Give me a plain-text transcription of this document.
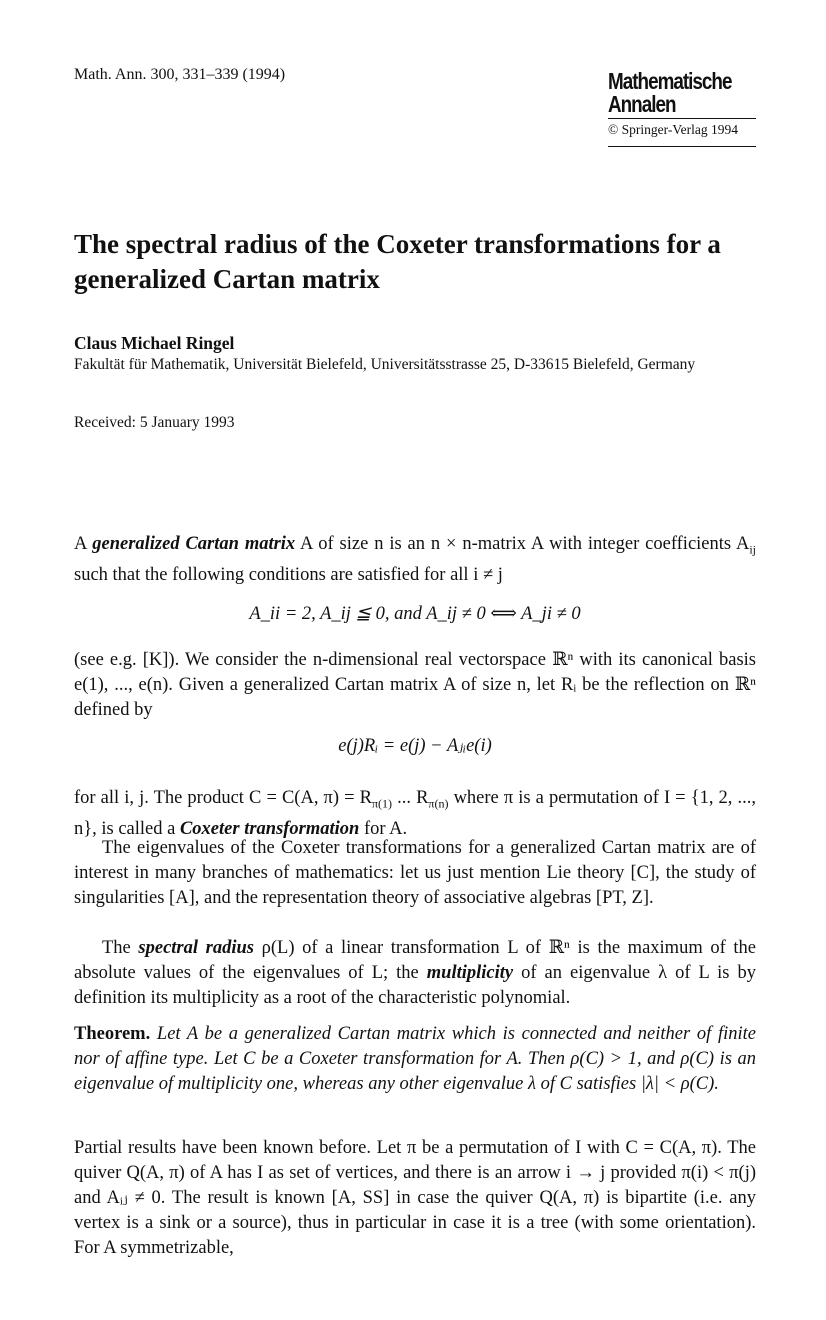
Math. Ann. 300, 331–339 (1994)	Mathematische
Annalen
© Springer-Verlag 1994
The spectral radius of the Coxeter transformations for a generalized Cartan matrix
Claus Michael Ringel
Fakultät für Mathematik, Universität Bielefeld, Universitätsstrasse 25, D-33615 Bielefeld, Germany
Received: 5 January 1993
A generalized Cartan matrix A of size n is an n × n-matrix A with integer coefficients $A_{ij}$ such that the following conditions are satisfied for all i ≠ j
A_ii = 2, A_ij ≦ 0, and A_ij ≠ 0 ⟺ A_ji ≠ 0
(see e.g. [K]). We consider the n-dimensional real vectorspace ℝⁿ with its canonical basis e(1), ..., e(n). Given a generalized Cartan matrix A of size n, let Rᵢ be the reflection on ℝⁿ defined by
e(j)Rᵢ = e(j) − Aⱼᵢe(i)
for all i, j. The product C = C(A, $\pi) = R_{\pi(1)}$ ... $R_{\pi(n)}$ where π is a permutation of I = {1, 2, ..., n}, is called a Coxeter transformation for A.
The eigenvalues of the Coxeter transformations for a generalized Cartan matrix are of interest in many branches of mathematics: let us just mention Lie theory [C], the study of singularities [A], and the representation theory of associative algebras [PT, Z].
The spectral radius ρ(L) of a linear transformation L of ℝⁿ is the maximum of the absolute values of the eigenvalues of L; the multiplicity of an eigenvalue λ of L is by definition its multiplicity as a root of the characteristic polynomial.
Theorem. Let A be a generalized Cartan matrix which is connected and neither of finite nor of affine type. Let C be a Coxeter transformation for A. Then ρ(C) > 1, and ρ(C) is an eigenvalue of multiplicity one, whereas any other eigenvalue λ of C satisfies |λ| < ρ(C).
Partial results have been known before. Let π be a permutation of I with C = C(A, π). The quiver Q(A, π) of A has I as set of vertices, and there is an arrow i → j provided π(i) < π(j) and Aᵢⱼ ≠ 0. The result is known [A, SS] in case the quiver Q(A, π) is bipartite (i.e. any vertex is a sink or a source), thus in particular in case it is a tree (with some orientation). For A symmetrizable,
